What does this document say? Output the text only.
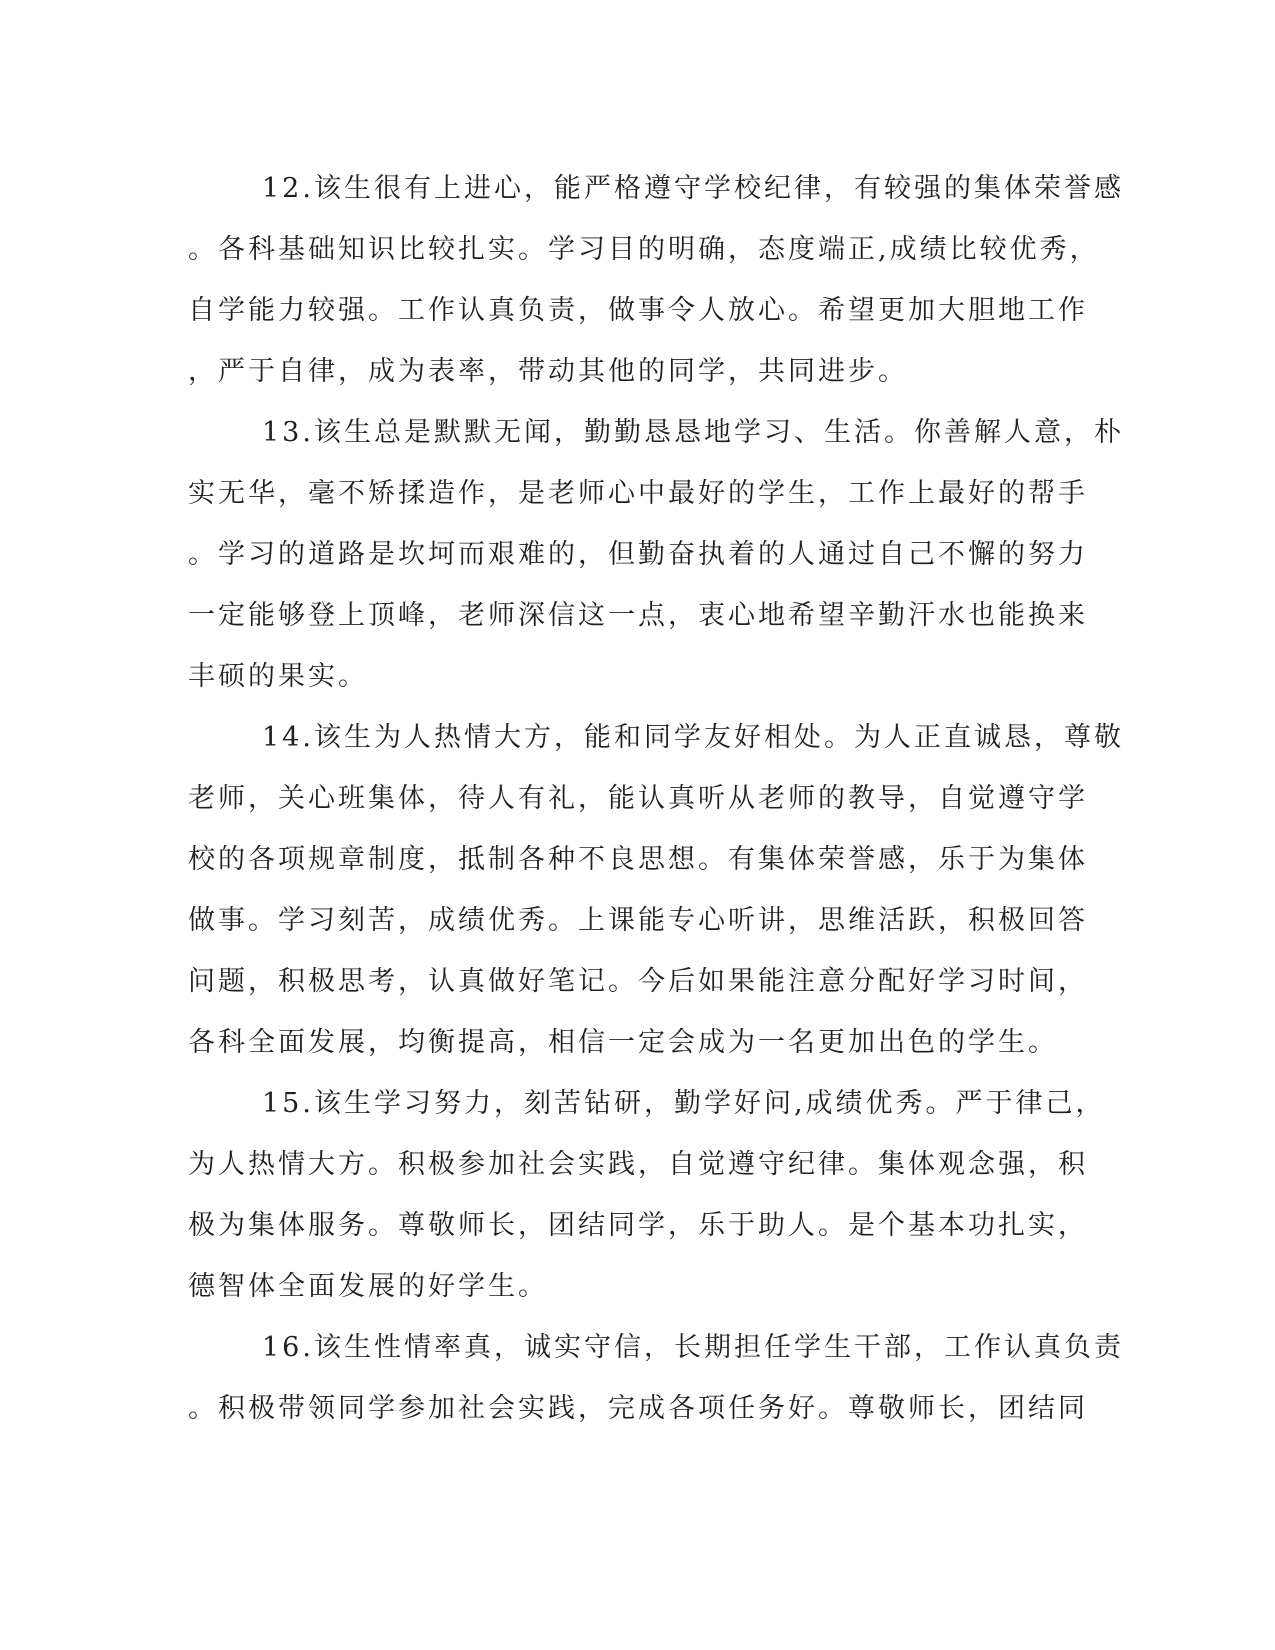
12.该生很有上进心，能严格遵守学校纪律，有较强的集体荣誉感
。各科基础知识比较扎实。学习目的明确，态度端正,成绩比较优秀，
自学能力较强。工作认真负责，做事令人放心。希望更加大胆地工作
，严于自律，成为表率，带动其他的同学，共同进步。
13.该生总是默默无闻，勤勤恳恳地学习、生活。你善解人意，朴
实无华，毫不矫揉造作，是老师心中最好的学生，工作上最好的帮手
。学习的道路是坎坷而艰难的，但勤奋执着的人通过自己不懈的努力
一定能够登上顶峰，老师深信这一点，衷心地希望辛勤汗水也能换来
丰硕的果实。
14.该生为人热情大方，能和同学友好相处。为人正直诚恳，尊敬
老师，关心班集体，待人有礼，能认真听从老师的教导，自觉遵守学
校的各项规章制度，抵制各种不良思想。有集体荣誉感，乐于为集体
做事。学习刻苦，成绩优秀。上课能专心听讲，思维活跃，积极回答
问题，积极思考，认真做好笔记。今后如果能注意分配好学习时间，
各科全面发展，均衡提高，相信一定会成为一名更加出色的学生。
15.该生学习努力，刻苦钻研，勤学好问,成绩优秀。严于律己，
为人热情大方。积极参加社会实践，自觉遵守纪律。集体观念强，积
极为集体服务。尊敬师长，团结同学，乐于助人。是个基本功扎实，
德智体全面发展的好学生。
16.该生性情率真，诚实守信，长期担任学生干部，工作认真负责
。积极带领同学参加社会实践，完成各项任务好。尊敬师长，团结同
